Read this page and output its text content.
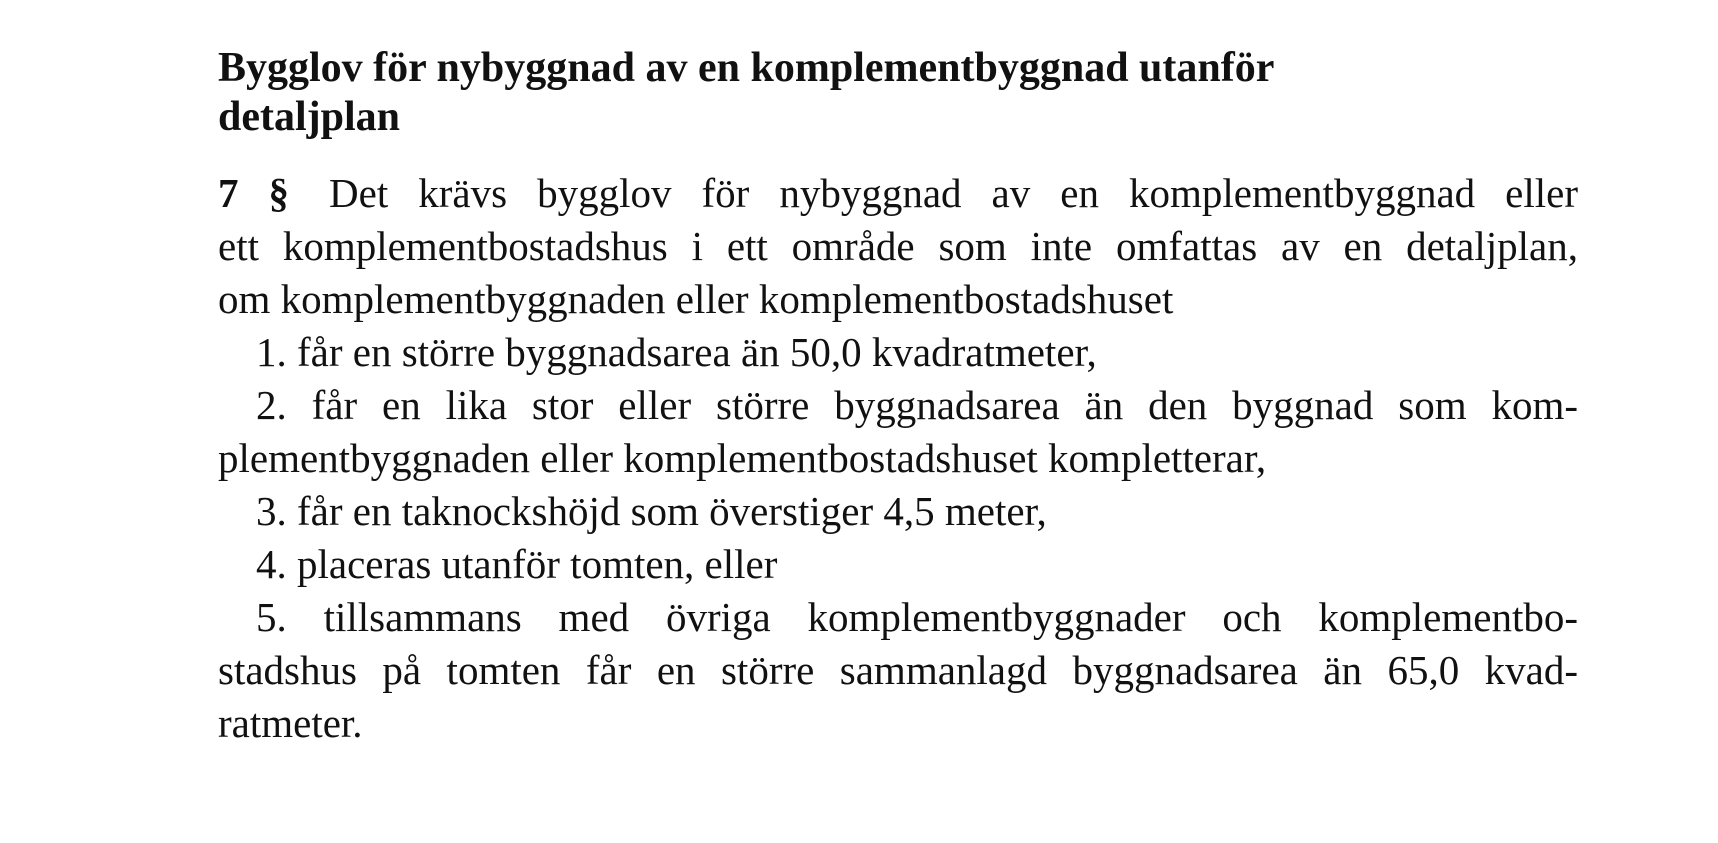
Bygglov för nybyggnad av en komplementbyggnad utanför detaljplan
7 § Det krävs bygglov för nybyggnad av en komplementbyggnad eller
ett komplementbostadshus i ett område som inte omfattas av en detaljplan,
om komplementbyggnaden eller komplementbostadshuset
1. får en större byggnadsarea än 50,0 kvadratmeter,
2. får en lika stor eller större byggnadsarea än den byggnad som kom-
plementbyggnaden eller komplementbostadshuset kompletterar,
3. får en taknockshöjd som överstiger 4,5 meter,
4. placeras utanför tomten, eller
5. tillsammans med övriga komplementbyggnader och komplementbo-
stadshus på tomten får en större sammanlagd byggnadsarea än 65,0 kvad-
ratmeter.
